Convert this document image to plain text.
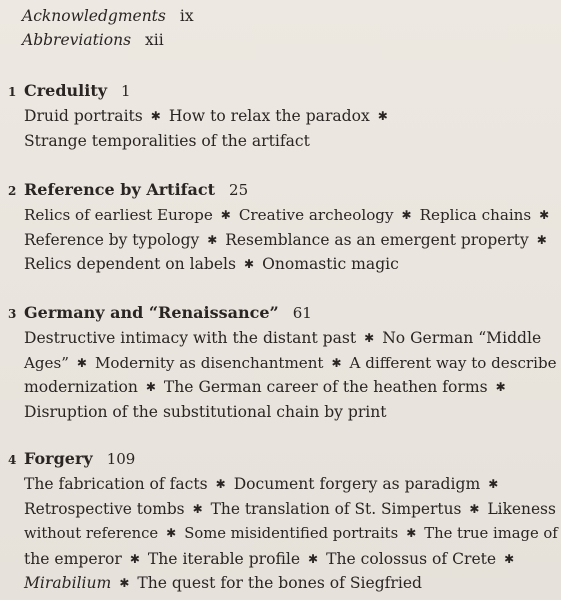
Acknowledgments ix
Abbreviations xii
1 Credulity 1
Druid portraits ✱ How to relax the paradox ✱
Strange temporalities of the artifact
2 Reference by Artifact 25
Relics of earliest Europe ✱ Creative archeology ✱ Replica chains ✱
Reference by typology ✱ Resemblance as an emergent property ✱
Relics dependent on labels ✱ Onomastic magic
3 Germany and “Renaissance” 61
Destructive intimacy with the distant past ✱ No German “Middle
Ages” ✱ Modernity as disenchantment ✱ A different way to describe
modernization ✱ The German career of the heathen forms ✱
Disruption of the substitutional chain by print
4 Forgery 109
The fabrication of facts ✱ Document forgery as paradigm ✱
Retrospective tombs ✱ The translation of St. Simpertus ✱ Likeness
without reference ✱ Some misidentified portraits ✱ The true image of
the emperor ✱ The iterable profile ✱ The colossus of Crete ✱
Mirabilium ✱ The quest for the bones of Siegfried
